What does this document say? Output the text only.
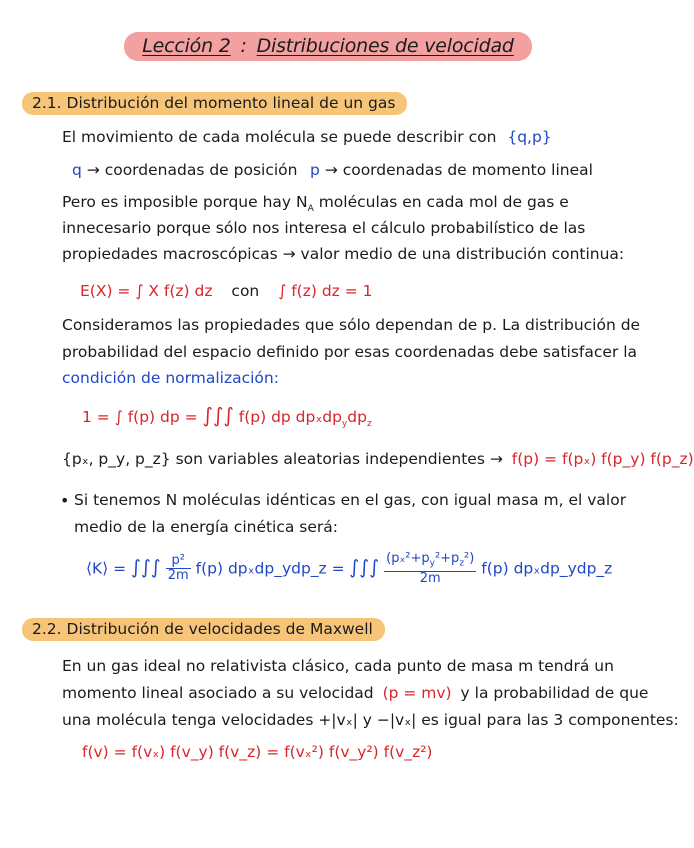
Lección 2 : Distribuciones de velocidad
2.1. Distribución del momento lineal de un gas
El movimiento de cada molécula se puede describir con {q,p}
q → coordenadas de posición p → coordenadas de momento lineal
Pero es imposible porque hay $N_A$ moléculas en cada mol de gas e
innecesario porque sólo nos interesa el cálculo probabilístico de las
propiedades macroscópicas → valor medio de una distribución continua:
E(X) = ∫ X f(z) dz con ∫ f(z) dz = 1
Consideramos las propiedades que sólo dependan de p. La distribución de
probabilidad del espacio definido por esas coordenadas debe satisfacer la
condición de normalización:
1 = ∫ f(p) dp = ∫∫∫ f(p) dp $dp_xdp_ydp_z$
{pₓ, p_y, p_z} son variables aleatorias independientes → f(p) = f(pₓ) f(p_y) f(p_z)
• Si tenemos N moléculas idénticas en el gas, con igual masa m, el valor
medio de la energía cinética será:
⟨K⟩ = ∫∫∫ $\frac{\text{p²}}{2m} f(p)$ dpₓdp_ydp_z = ∫∫∫ $\frac{(p_x^2+p_y^2+p_z^2)}{2m} f(p)$ dpₓdp_ydp_z
2.2. Distribución de velocidades de Maxwell
En un gas ideal no relativista clásico, cada punto de masa m tendrá un
momento lineal asociado a su velocidad (p = mv) y la probabilidad de que
una molécula tenga velocidades +|vₓ| y −|vₓ| es igual para las 3 componentes:
f(v) = f(vₓ) f(v_y) f(v_z) = f(vₓ²) f(v_y²) f(v_z²)
